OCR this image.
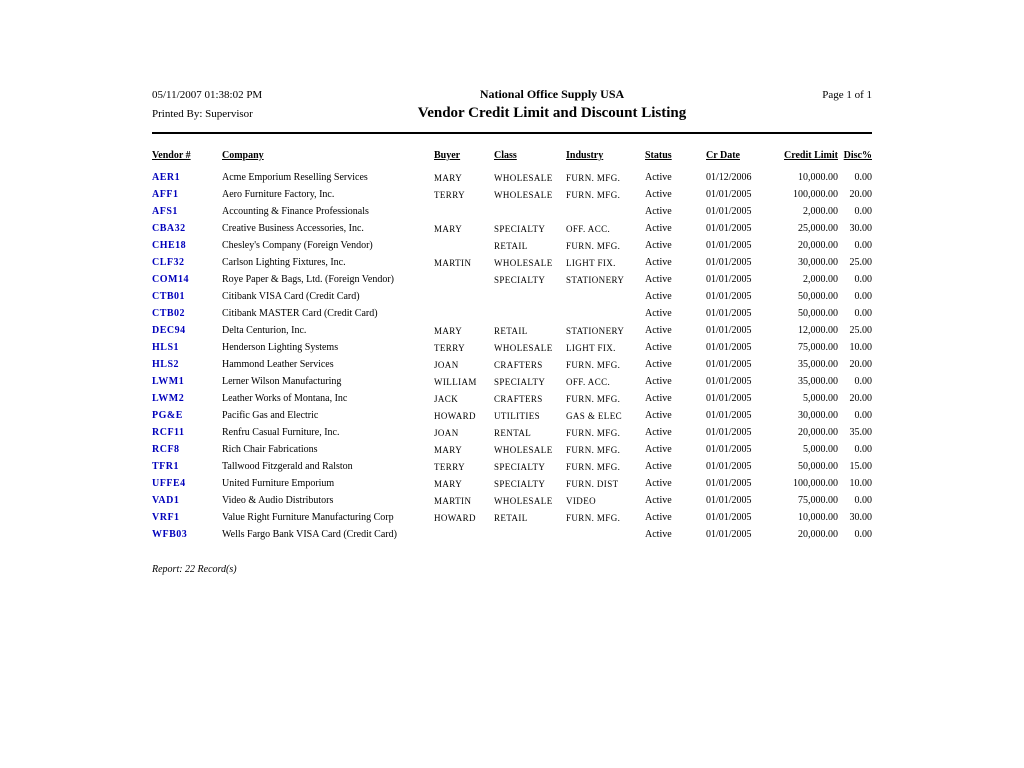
05/11/2007 01:38:02 PM
Printed By: Supervisor
National Office Supply USA
Vendor Credit Limit and Discount Listing
Page 1 of 1
Vendor #	Company	Buyer	Class	Industry	Status	Cr Date	Credit Limit	Disc%
AER1	Acme Emporium Reselling Services	MARY	WHOLESALE	FURN. MFG.	Active	01/12/2006	10,000.00	0.00
AFF1	Aero Furniture Factory, Inc.	TERRY	WHOLESALE	FURN. MFG.	Active	01/01/2005	100,000.00	20.00
AFS1	Accounting & Finance Professionals				Active	01/01/2005	2,000.00	0.00
CBA32	Creative Business Accessories, Inc.	MARY	SPECIALTY	OFF. ACC.	Active	01/01/2005	25,000.00	30.00
CHE18	Chesley's Company (Foreign Vendor)		RETAIL	FURN. MFG.	Active	01/01/2005	20,000.00	0.00
CLF32	Carlson Lighting Fixtures, Inc.	MARTIN	WHOLESALE	LIGHT FIX.	Active	01/01/2005	30,000.00	25.00
COM14	Roye Paper & Bags, Ltd. (Foreign Vendor)		SPECIALTY	STATIONERY	Active	01/01/2005	2,000.00	0.00
CTB01	Citibank VISA Card (Credit Card)				Active	01/01/2005	50,000.00	0.00
CTB02	Citibank MASTER Card (Credit Card)				Active	01/01/2005	50,000.00	0.00
DEC94	Delta Centurion, Inc.	MARY	RETAIL	STATIONERY	Active	01/01/2005	12,000.00	25.00
HLS1	Henderson Lighting Systems	TERRY	WHOLESALE	LIGHT FIX.	Active	01/01/2005	75,000.00	10.00
HLS2	Hammond Leather Services	JOAN	CRAFTERS	FURN. MFG.	Active	01/01/2005	35,000.00	20.00
LWM1	Lerner Wilson Manufacturing	WILLIAM	SPECIALTY	OFF. ACC.	Active	01/01/2005	35,000.00	0.00
LWM2	Leather Works of Montana, Inc	JACK	CRAFTERS	FURN. MFG.	Active	01/01/2005	5,000.00	20.00
PG&E	Pacific Gas and Electric	HOWARD	UTILITIES	GAS & ELEC	Active	01/01/2005	30,000.00	0.00
RCF11	Renfru Casual Furniture, Inc.	JOAN	RENTAL	FURN. MFG.	Active	01/01/2005	20,000.00	35.00
RCF8	Rich Chair Fabrications	MARY	WHOLESALE	FURN. MFG.	Active	01/01/2005	5,000.00	0.00
TFR1	Tallwood Fitzgerald and Ralston	TERRY	SPECIALTY	FURN. MFG.	Active	01/01/2005	50,000.00	15.00
UFFE4	United Furniture Emporium	MARY	SPECIALTY	FURN. DIST	Active	01/01/2005	100,000.00	10.00
VAD1	Video & Audio Distributors	MARTIN	WHOLESALE	VIDEO	Active	01/01/2005	75,000.00	0.00
VRF1	Value Right Furniture Manufacturing Corp	HOWARD	RETAIL	FURN. MFG.	Active	01/01/2005	10,000.00	30.00
WFB03	Wells Fargo Bank VISA Card (Credit Card)				Active	01/01/2005	20,000.00	0.00
Report: 22 Record(s)
